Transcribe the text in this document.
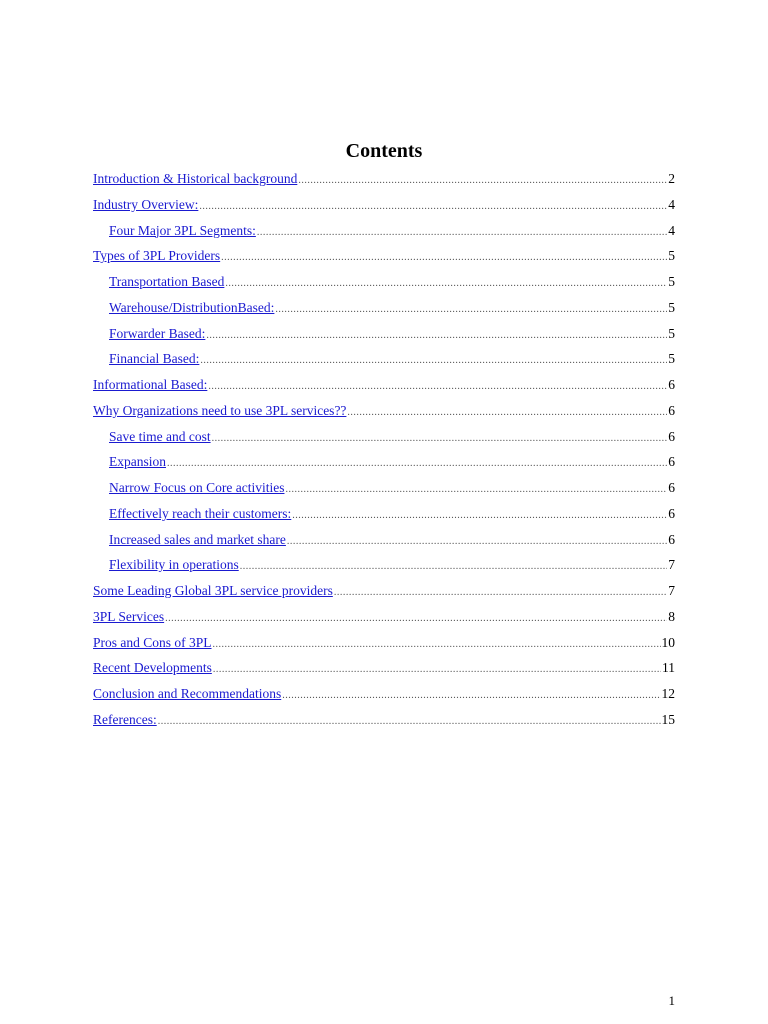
Contents
Introduction & Historical background .....	2
Industry Overview: .....	4
Four Major 3PL Segments: .....	4
Types of 3PL Providers .....	5
Transportation Based .....	5
Warehouse/DistributionBased: .....	5
Forwarder Based: .....	5
Financial Based: .....	5
Informational Based: .....	6
Why Organizations need to use 3PL services?? .....	6
Save time and cost .....	6
Expansion .....	6
Narrow Focus on Core activities .....	6
Effectively reach their customers: .....	6
Increased sales and market share .....	6
Flexibility in operations .....	7
Some Leading Global 3PL service providers .....	7
3PL Services .....	8
Pros and Cons of 3PL .....	10
Recent Developments .....	11
Conclusion and Recommendations .....	12
References: .....	15
1
